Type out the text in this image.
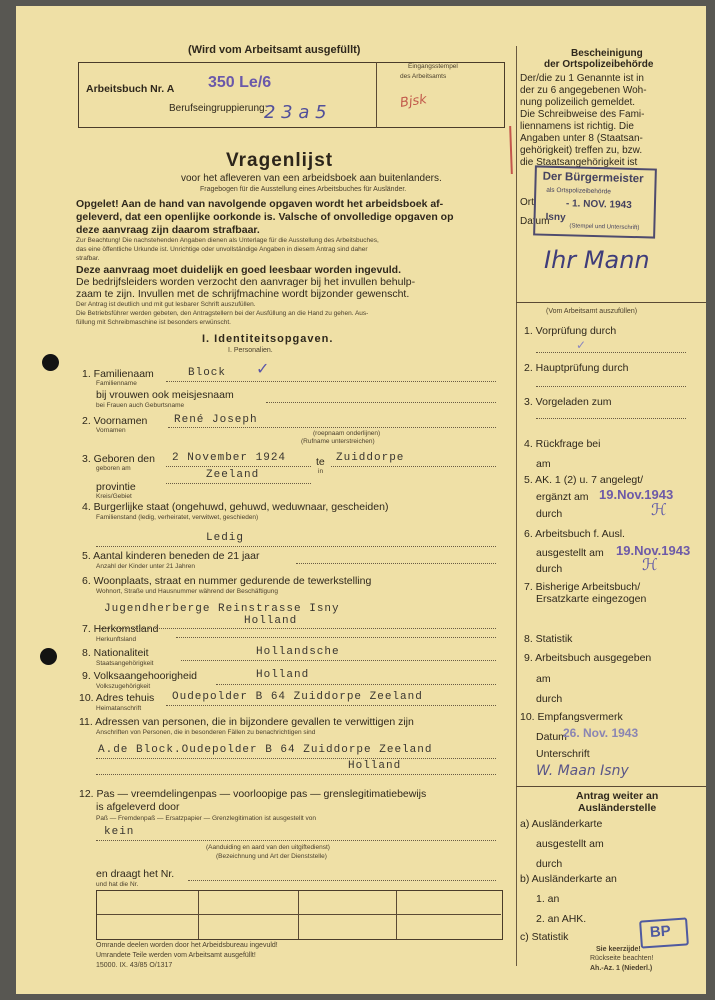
(Wird vom Arbeitsamt ausgefüllt)
Eingangsstempel
des Arbeitsamts
Arbeitsbuch Nr. A 350 Le/6
Berufseingruppierung:
2 3 a 5
Bjsk
Vragenlijst
voor het afleveren van een arbeidsboek aan buitenlanders.
Fragebogen für die Ausstellung eines Arbeitsbuches für Ausländer.
Opgelet! Aan de hand van navolgende opgaven wordt het arbeidsboek af-
geleverd, dat een openlijke oorkonde is. Valsche of onvolledige opgaven op
deze aanvraag zijn daarom strafbaar.
Zur Beachtung! Die nachstehenden Angaben dienen als Unterlage für die Ausstellung des Arbeitsbuches,
das eine öffentliche Urkunde ist. Unrichtige oder unvollständige Angaben in diesem Antrag sind daher
strafbar.
Deze aanvraag moet duidelijk en goed leesbaar worden ingevuld.
De bedrijfsleiders worden verzocht den aanvrager bij het invullen behulp-
zaam te zijn. Invullen met de schrijfmachine wordt bijzonder gewenscht.
Der Antrag ist deutlich und mit gut lesbarer Schrift auszufüllen.
Die Betriebsführer werden gebeten, den Antragstellern bei der Ausfüllung an die Hand zu gehen. Aus-
füllung mit Schreibmaschine ist besonders erwünscht.
I. Identiteitsopgaven.
I. Personalien.
1. Familienaam
Familienname
Block ✓
bij vrouwen ook meisjesnaam
bei Frauen auch Geburtsname
2. Voornamen
Vornamen
René Joseph
(roepnaam onderlijnen)
(Rufname unterstreichen)
3. Geboren den
geboren am
2 November 1924	te
in
Zuiddorpe
Zeeland
provintie
Kreis/Gebiet
4. Burgerlijke staat (ongehuwd, gehuwd, weduwnaar, gescheiden)
Familienstand (ledig, verheiratet, verwitwet, geschieden)
Ledig
5. Aantal kinderen beneden de 21 jaar
Anzahl der Kinder unter 21 Jahren
6. Woonplaats, straat en nummer gedurende de tewerkstelling
Wohnort, Straße und Hausnummer während der Beschäftigung
Jugendherberge Reinstrasse Isny
Holland
7. Herkomstland
Herkunftsland
8. Nationaliteit
Staatsangehörigkeit
Hollandsche
9. Volksaangehoorigheid
Volkszugehörigkeit
Holland
10. Adres tehuis
Heimatanschrift
Oudepolder B 64 Zuiddorpe Zeeland
11. Adressen van personen, die in bijzondere gevallen te verwittigen zijn
Anschriften von Personen, die in besonderen Fällen zu benachrichtigen sind
A.de Block.Oudepolder B 64 Zuiddorpe Zeeland
Holland
12. Pas — vreemdelingenpas — voorloopige pas — grenslegitimatiebewijs
is afgeleverd door
Paß — Fremdenpaß — Ersatzpapier — Grenzlegitimation ist ausgestellt von
kein
(Aanduiding en aard van den uitgiftedienst)
(Bezeichnung und Art der Dienststelle)
en draagt het Nr.
und hat die Nr.
Omrande deelen worden door het Arbeidsbureau ingevuld!
Umrandete Teile werden vom Arbeitsamt ausgefüllt!
15000. IX. 43/85 O/1317
Bescheinigung
der Ortspolizeibehörde
Der/die zu 1 Genannte ist in
der zu 6 angegebenen Woh-
nung polizeilich gemeldet.
Die Schreibweise des Fami-
liennamens ist richtig. Die
Angaben unter 8 (Staatsan-
gehörigkeit) treffen zu, bzw.
die Staatsangehörigkeit ist
Ort
Datum
Der Bürgermeister
als Ortspolizeibehörde
- 1. NOV. 1943
Isny
(Stempel und Unterschrift)
Ihr Mann
(Vom Arbeitsamt auszufüllen)
1. Vorprüfung durch
✓
2. Hauptprüfung durch
3. Vorgeladen zum
4. Rückfrage bei
am
5. AK. 1 (2) u. 7 angelegt/
ergänzt am 19.Nov.1943
durch	ℋ
6. Arbeitsbuch f. Ausl.
ausgestellt am 19.Nov.1943
durch	ℋ
7. Bisherige Arbeitsbuch/
Ersatzkarte eingezogen
8. Statistik
9. Arbeitsbuch ausgegeben
am
durch
10. Empfangsvermerk
Datum
26. Nov. 1943
Unterschrift
W. Maan Isny
Antrag weiter an
Ausländerstelle
a) Ausländerkarte
ausgestellt am
durch
b) Ausländerkarte an
1. an
2. an AHK.
c) Statistik	BP
Sie keerzijde!
Rückseite beachten!
Ah.-Az. 1 (Niederl.)
